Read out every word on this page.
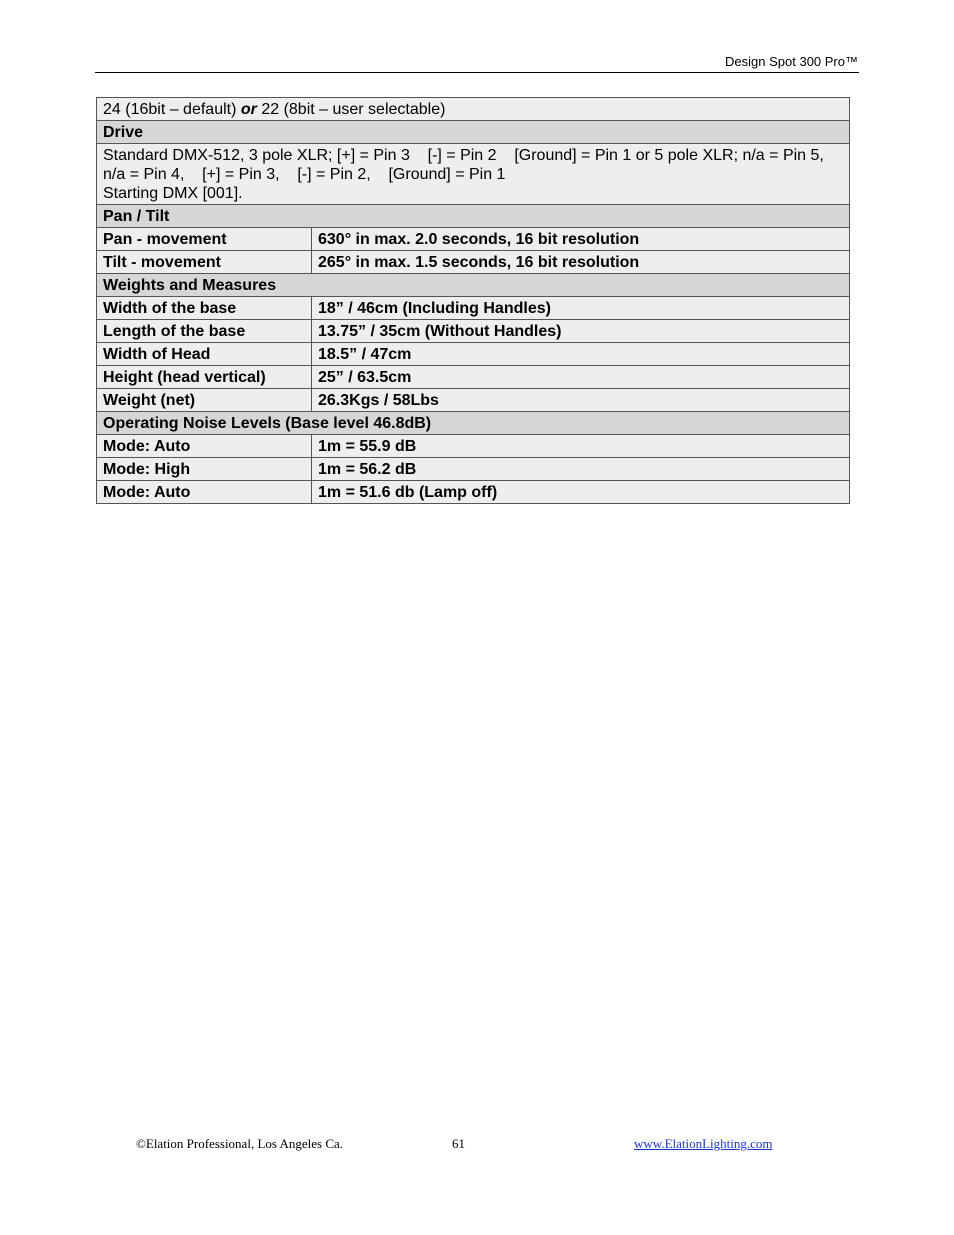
Design Spot 300 Pro™
24 (16bit – default) or 22 (8bit – user selectable)	
Drive	

Standard DMX-512, 3 pole XLR; [+] = Pin 3    [-] = Pin 2    [Ground] = Pin 1 or 5 pole XLR; n/a = Pin 5, n/a = Pin 4,    [+] = Pin 3,    [-] = Pin 2,    [Ground] = Pin 1
Starting DMX [001].	

Pan / Tilt	
Pan - movement	630° in max. 2.0 seconds, 16 bit resolution
Tilt - movement	265° in max. 1.5 seconds, 16 bit resolution
Weights and Measures	
Width of the base	18” / 46cm (Including Handles)
Length of the base	13.75” / 35cm (Without Handles)
Width of Head	18.5” / 47cm
Height (head vertical)	25” / 63.5cm
Weight (net)	26.3Kgs / 58Lbs
Operating Noise Levels (Base level 46.8dB)	
Mode: Auto	1m = 55.9 dB
Mode: High	1m = 56.2 dB
Mode: Auto	1m = 51.6 db (Lamp off)
©Elation Professional, Los Angeles Ca.	61	www.ElationLighting.com
